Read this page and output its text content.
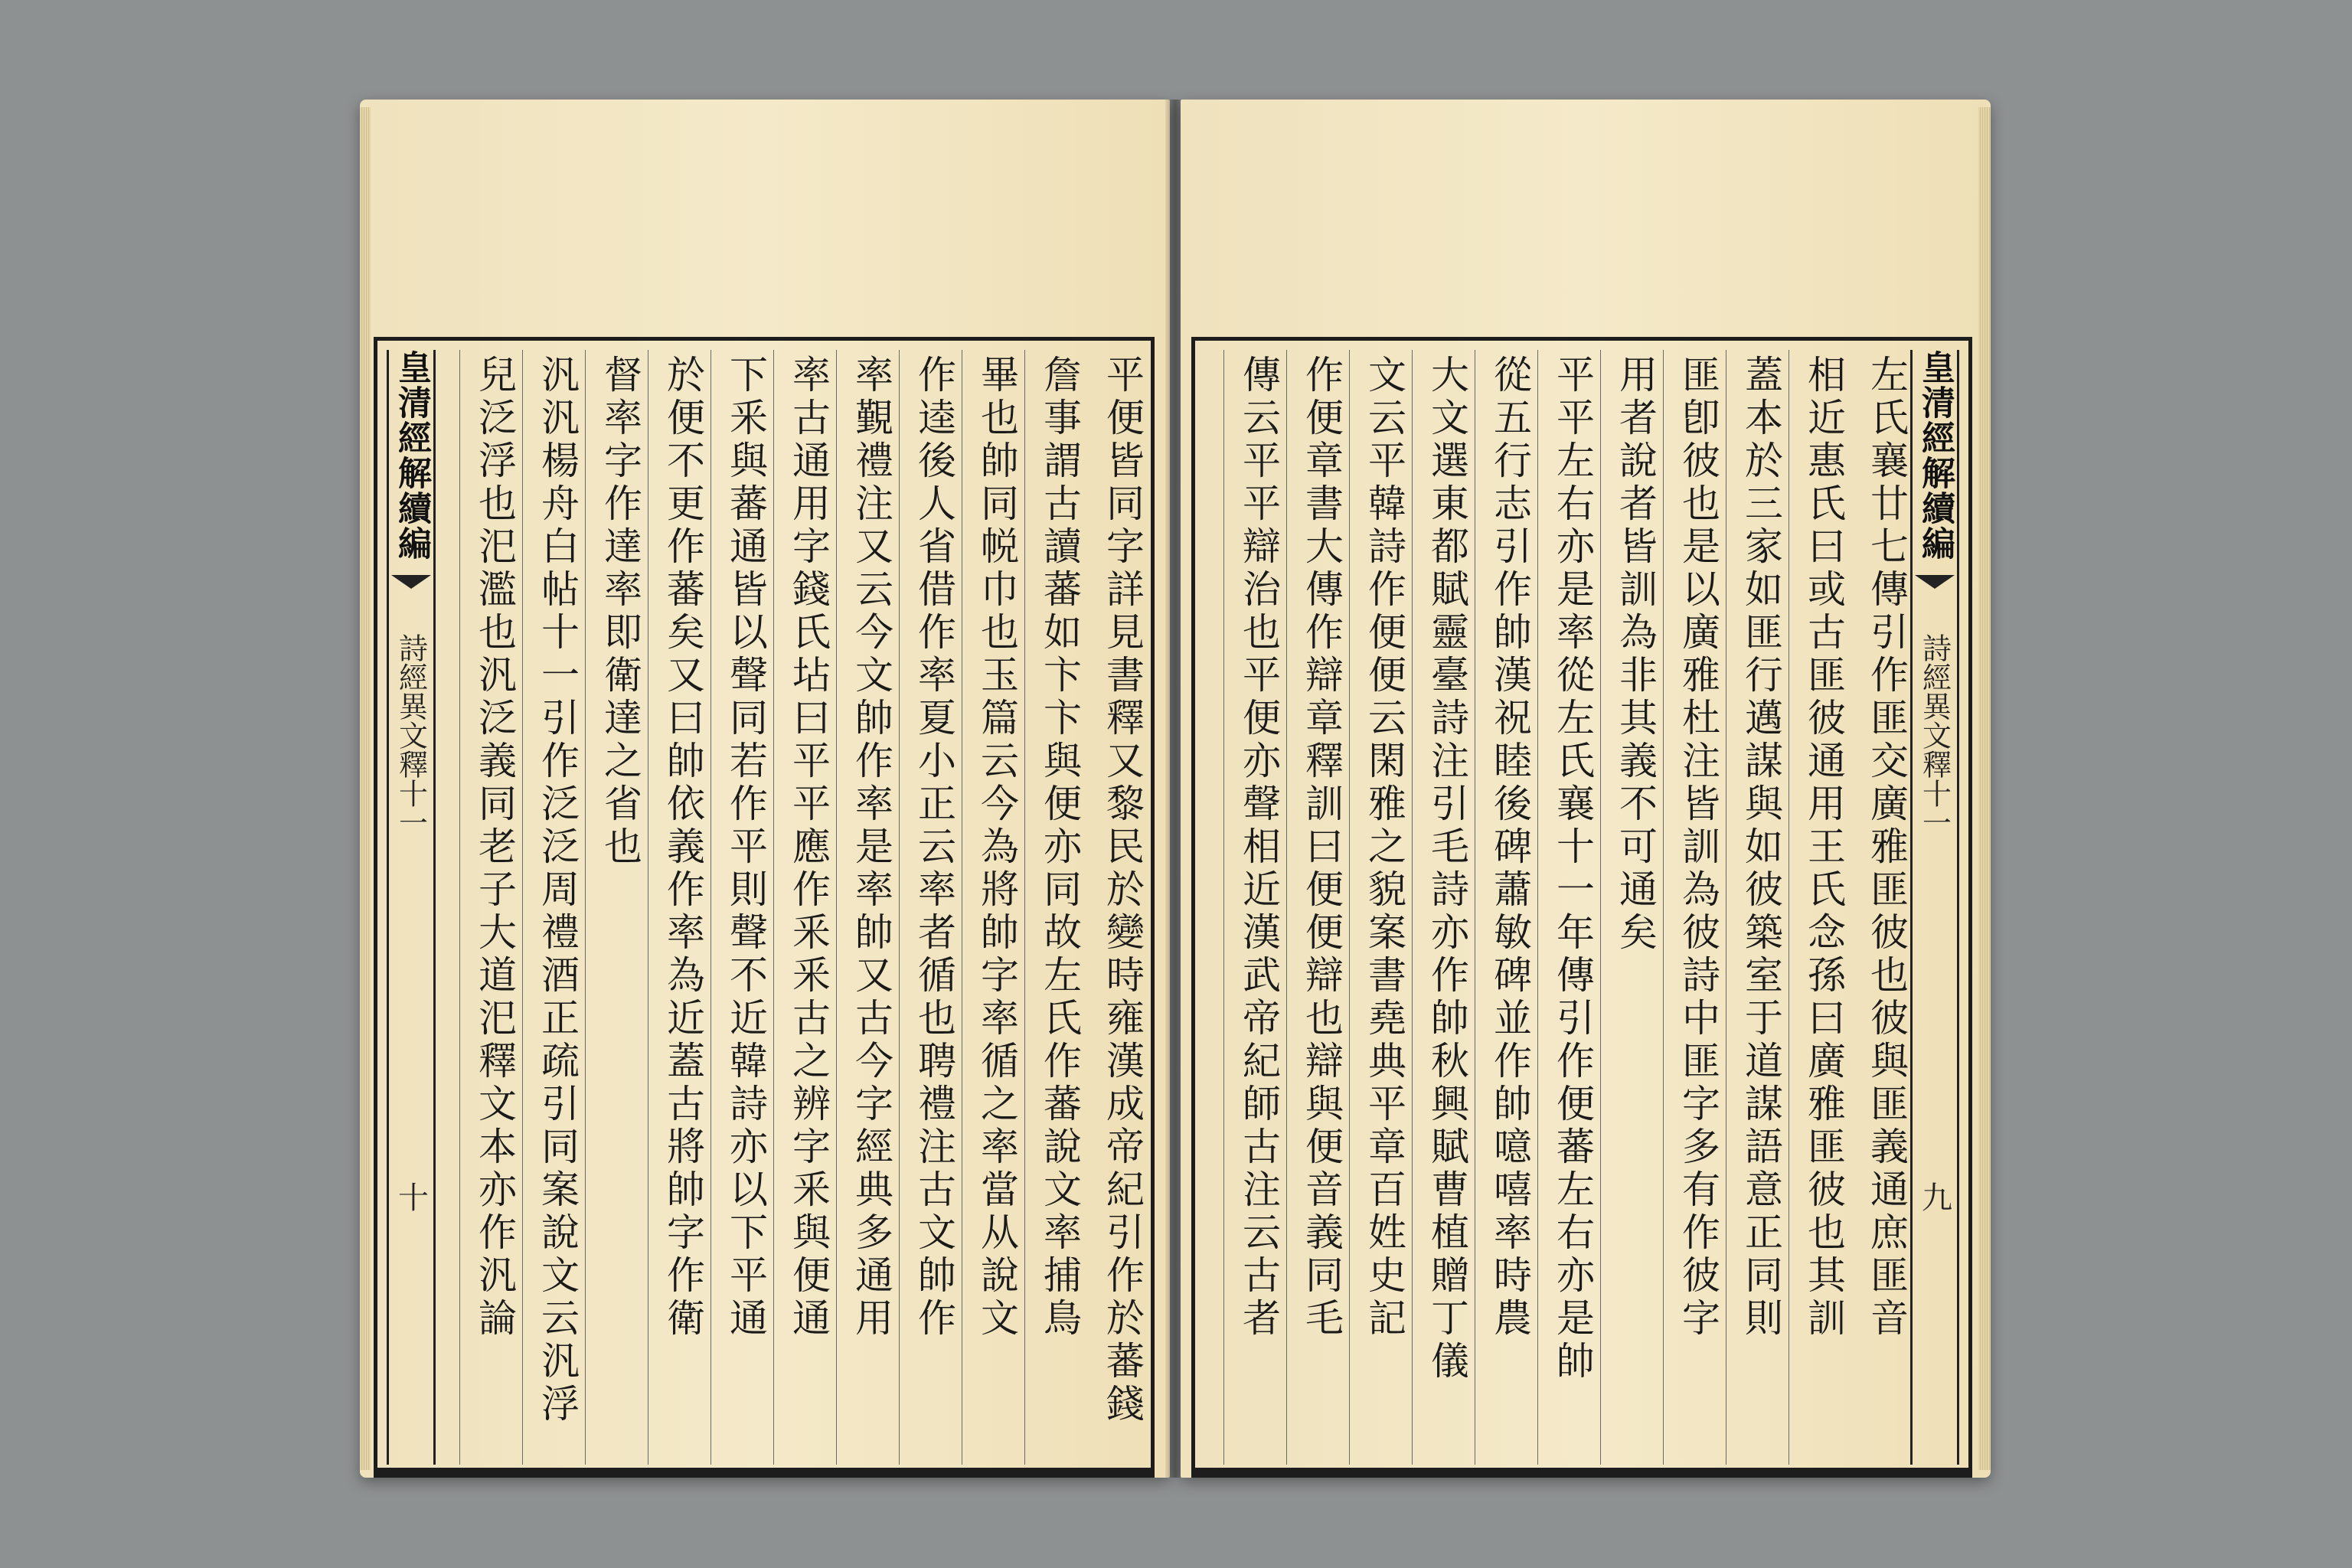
平便皆同字詳見書釋又黎民於變時雍漢成帝紀引作於蕃錢
詹事謂古讀蕃如卞卞與便亦同故左氏作蕃說文率捕鳥
畢也帥同帨巾也玉篇云今為將帥字率循之率當从說文
作逵後人省借作率夏小正云率者循也聘禮注古文帥作
率覲禮注又云今文帥作率是率帥又古今字經典多通用
率古通用字錢氏坫曰平平應作釆釆古之辨字釆與便通
下釆與蕃通皆以聲同若作平則聲不近韓詩亦以下平通
於便不更作蕃矣又曰帥依義作率為近蓋古將帥字作衛
督率字作達率即衛達之省也
汎汎楊舟白帖十一引作泛泛周禮酒正疏引同案說文云汎浮
兒泛浮也汜濫也汎泛義同老子大道汜釋文本亦作汎論
皇清經解續編
詩經異文釋十一
十
皇清經解續編
詩經異文釋十一
九
左氏襄廿七傳引作匪交廣雅匪彼也彼與匪義通庶匪音
相近惠氏曰或古匪彼通用王氏念孫曰廣雅匪彼也其訓
蓋本於三家如匪行邁謀與如彼築室于道謀語意正同則
匪卽彼也是以廣雅杜注皆訓為彼詩中匪字多有作彼字
用者說者皆訓為非其義不可通矣
平平左右亦是率從左氏襄十一年傳引作便蕃左右亦是帥
從五行志引作帥漢祝睦後碑蕭敏碑並作帥噫嘻率時農
大文選東都賦靈臺詩注引毛詩亦作帥秋興賦曹植贈丁儀
文云平韓詩作便便云閑雅之貌案書堯典平章百姓史記
作便章書大傳作辯章釋訓曰便便辯也辯與便音義同毛
傳云平平辯治也平便亦聲相近漢武帝紀師古注云古者
